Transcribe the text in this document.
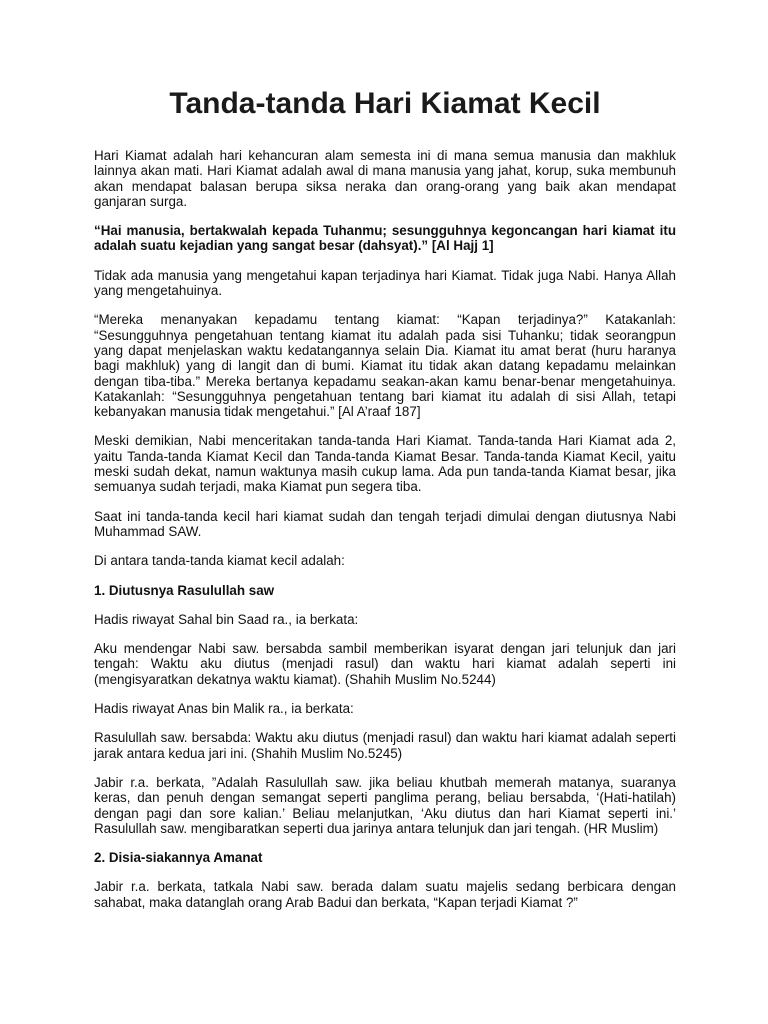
Tanda-tanda Hari Kiamat Kecil

Hari Kiamat adalah hari kehancuran alam semesta ini di mana semua manusia dan makhluk lainnya akan mati. Hari Kiamat adalah awal di mana manusia yang jahat, korup, suka membunuh akan mendapat balasan berupa siksa neraka dan orang-orang yang baik akan mendapat ganjaran surga.

“Hai manusia, bertakwalah kepada Tuhanmu; sesungguhnya kegoncangan hari kiamat itu adalah suatu kejadian yang sangat besar (dahsyat).” [Al Hajj 1]

Tidak ada manusia yang mengetahui kapan terjadinya hari Kiamat. Tidak juga Nabi. Hanya Allah yang mengetahuinya.

“Mereka menanyakan kepadamu tentang kiamat: “Kapan terjadinya?” Katakanlah: “Sesungguhnya pengetahuan tentang kiamat itu adalah pada sisi Tuhanku; tidak seorangpun yang dapat menjelaskan waktu kedatangannya selain Dia. Kiamat itu amat berat (huru haranya bagi makhluk) yang di langit dan di bumi. Kiamat itu tidak akan datang kepadamu melainkan dengan tiba-tiba.” Mereka bertanya kepadamu seakan-akan kamu benar-benar mengetahuinya. Katakanlah: “Sesungguhnya pengetahuan tentang bari kiamat itu adalah di sisi Allah, tetapi kebanyakan manusia tidak mengetahui.” [Al A’raaf 187]

Meski demikian, Nabi menceritakan tanda-tanda Hari Kiamat. Tanda-tanda Hari Kiamat ada 2, yaitu Tanda-tanda Kiamat Kecil dan Tanda-tanda Kiamat Besar. Tanda-tanda Kiamat Kecil, yaitu meski sudah dekat, namun waktunya masih cukup lama. Ada pun tanda-tanda Kiamat besar, jika semuanya sudah terjadi, maka Kiamat pun segera tiba.

Saat ini tanda-tanda kecil hari kiamat sudah dan tengah terjadi dimulai dengan diutusnya Nabi Muhammad SAW.

Di antara tanda-tanda kiamat kecil adalah:

1. Diutusnya Rasulullah saw

Hadis riwayat Sahal bin Saad ra., ia berkata:

Aku mendengar Nabi saw. bersabda sambil memberikan isyarat dengan jari telunjuk dan jari tengah: Waktu aku diutus (menjadi rasul) dan waktu hari kiamat adalah seperti ini (mengisyaratkan dekatnya waktu kiamat). (Shahih Muslim No.5244)

Hadis riwayat Anas bin Malik ra., ia berkata:

Rasulullah saw. bersabda: Waktu aku diutus (menjadi rasul) dan waktu hari kiamat adalah seperti jarak antara kedua jari ini. (Shahih Muslim No.5245)

Jabir r.a. berkata, ”Adalah Rasulullah saw. jika beliau khutbah memerah matanya, suaranya keras, dan penuh dengan semangat seperti panglima perang, beliau bersabda, ‘(Hati-hatilah) dengan pagi dan sore kalian.’ Beliau melanjutkan, ‘Aku diutus dan hari Kiamat seperti ini.’ Rasulullah saw. mengibaratkan seperti dua jarinya antara telunjuk dan jari tengah. (HR Muslim)

2. Disia-siakannya Amanat

Jabir r.a. berkata, tatkala Nabi saw. berada dalam suatu majelis sedang berbicara dengan sahabat, maka datanglah orang Arab Badui dan berkata, “Kapan terjadi Kiamat ?”
